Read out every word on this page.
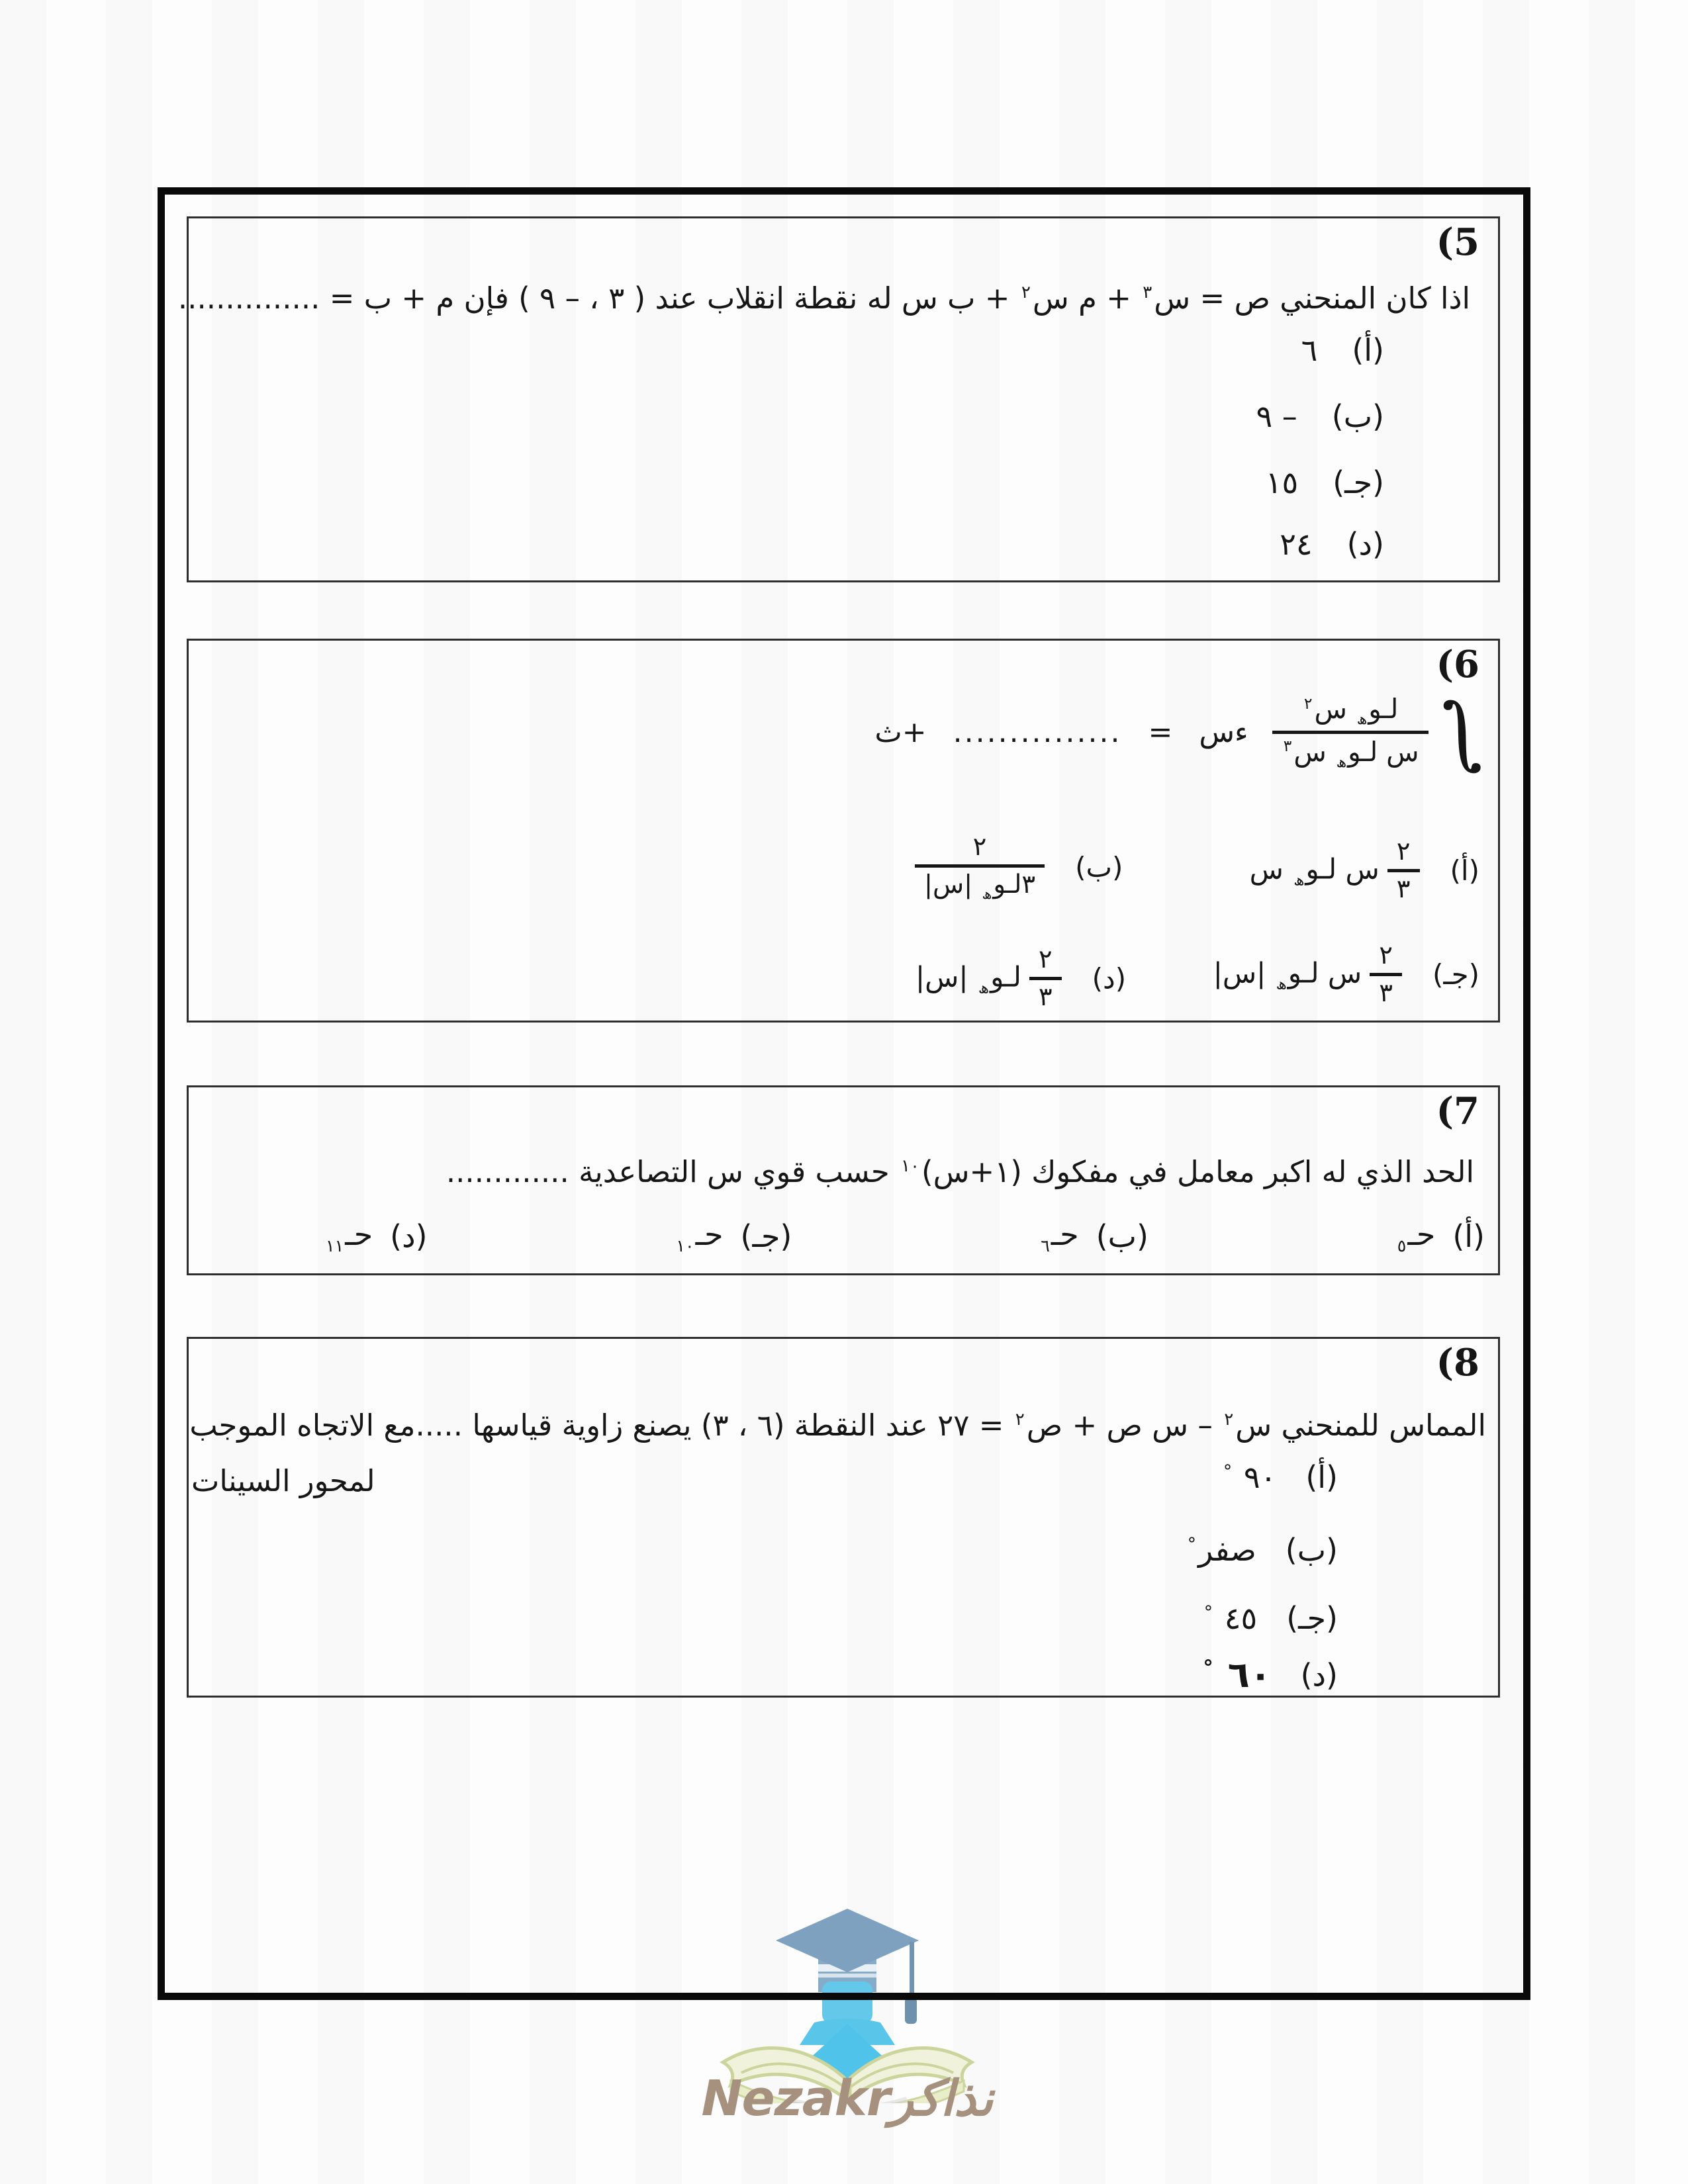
Nezakrنذاكر
(5
اذا كان المنحني ص = س$^٣$ + م س$^٢$ + ب س له نقطة انقلاب عند ( ٣ ، – ٩ ) فإن م + ب = ...............
(أ)
٦
(ب)
– ٩
(جـ)
١٥
(د)
٢٤
(6
∫
$\frac{لـو_ھ س^٢}{س لـو_ھ س^٣}$
ءس
=
...............
+ث
(أ)
$\frac{٢}{٣}$
س لـو$_ھ$ س
(ب)
$\frac{٢}{٣لـو_ھ |س|}$
(جـ)
$\frac{٢}{٣}$
س لـو$_ھ$ |س|
(د)
$\frac{٢}{٣}$
لـو$_ھ$ |س|
(7
الحد الذي له اكبر معامل في مفكوك (١+س)$^{١٠}$ حسب قوي س التصاعدية .............
(أ)
حـ$_٥$
(ب)
حـ$_٦$
(جـ)
حـ$_{١٠}$
(د)
حـ$_{١١}$
(8
المماس للمنحني س$^٢$ – س ص + ص$^٢$ = ٢٧ عند النقطة (٦ ، ٣) يصنع زاوية قياسها .....مع الاتجاه الموجب
لمحور السينات	(أ)
٩٠ °
(ب)
صفر°
(جـ)
٤٥ °
(د)
٦٠ °
